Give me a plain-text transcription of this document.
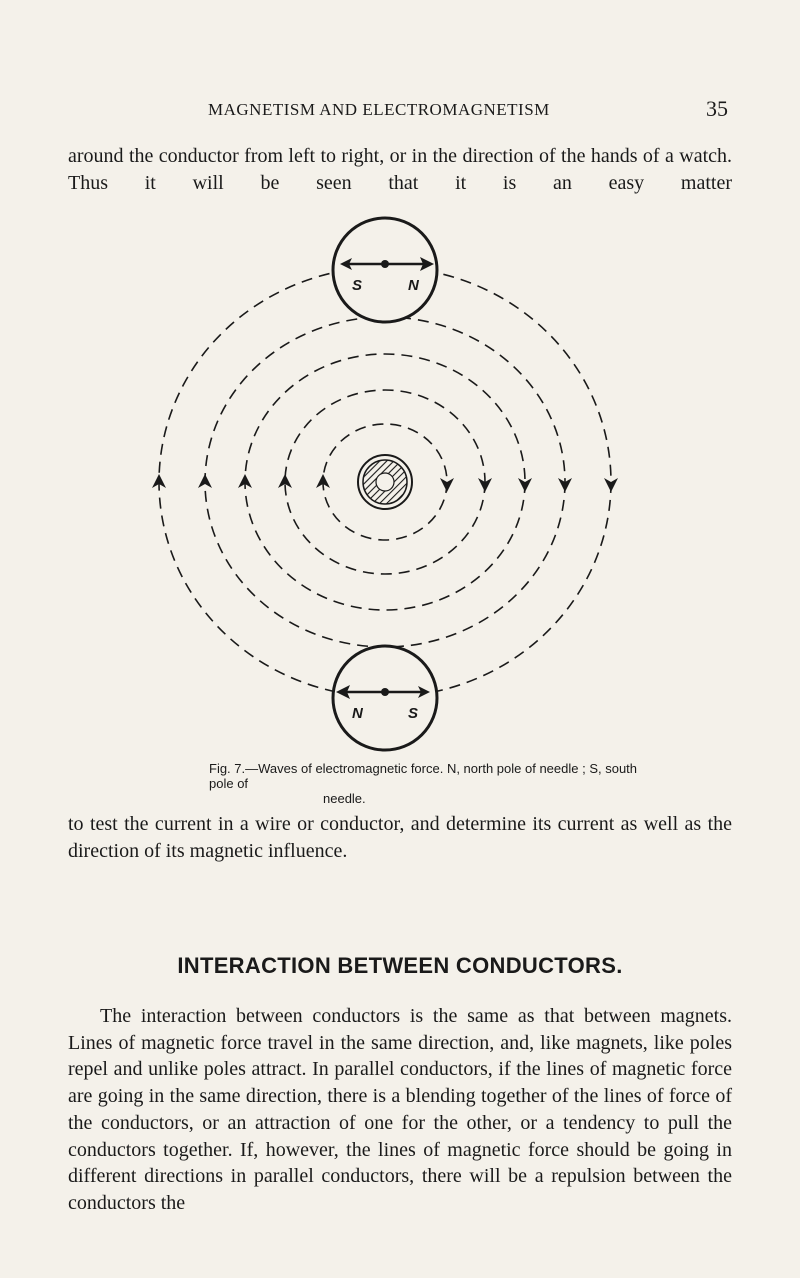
MAGNETISM AND ELECTROMAGNETISM	35
around the conductor from left to right, or in the direction of the hands of a watch. Thus it will be seen that it is an easy matter
S	N
N	S
Fig. 7.—Waves of electromagnetic force. N, north pole of needle ; S, south pole of
needle.
to test the current in a wire or conductor, and determine its current as well as the direction of its magnetic influence.
INTERACTION BETWEEN CONDUCTORS.
The interaction between conductors is the same as that between magnets. Lines of magnetic force travel in the same direction, and, like magnets, like poles repel and unlike poles attract. In parallel conductors, if the lines of magnetic force are going in the same direction, there is a blending together of the lines of force of the conductors, or an attraction of one for the other, or a tendency to pull the conductors together. If, however, the lines of magnetic force should be going in different directions in parallel conductors, there will be a repulsion between the conductors the
